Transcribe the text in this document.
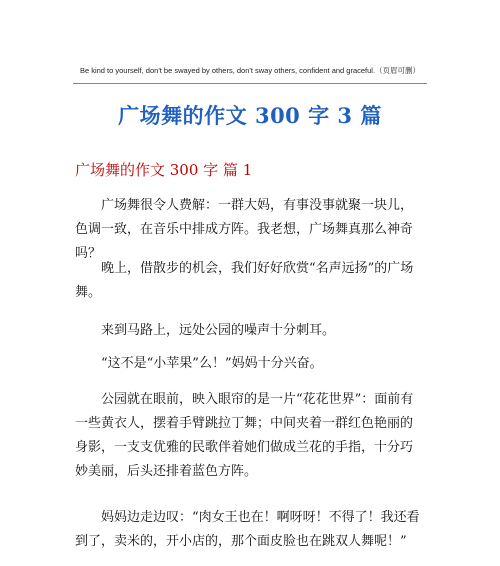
Be kind to yourself, don't be swayed by others, don't sway others, confident and graceful.（页眉可删）
广场舞的作文 300 字 3 篇
广场舞的作文 300 字 篇 1

广场舞很令人费解：一群大妈，有事没事就聚一块儿，色调一致，在音乐中排成方阵。我老想，广场舞真那么神奇吗？

晚上，借散步的机会，我们好好欣赏“名声远扬”的广场舞。

来到马路上，远处公园的噪声十分刺耳。

“这不是“小苹果”么！”妈妈十分兴奋。

公园就在眼前，映入眼帘的是一片“花花世界”：面前有一些黄衣人，摆着手臂跳拉丁舞；中间夹着一群红色艳丽的身影，一支支优雅的民歌伴着她们做成兰花的手指，十分巧妙美丽，后头还排着蓝色方阵。

妈妈边走边叹：“肉女王也在！啊呀呀！不得了！我还看到了，卖米的，开小店的，那个面皮脸也在跳双人舞呢！”
